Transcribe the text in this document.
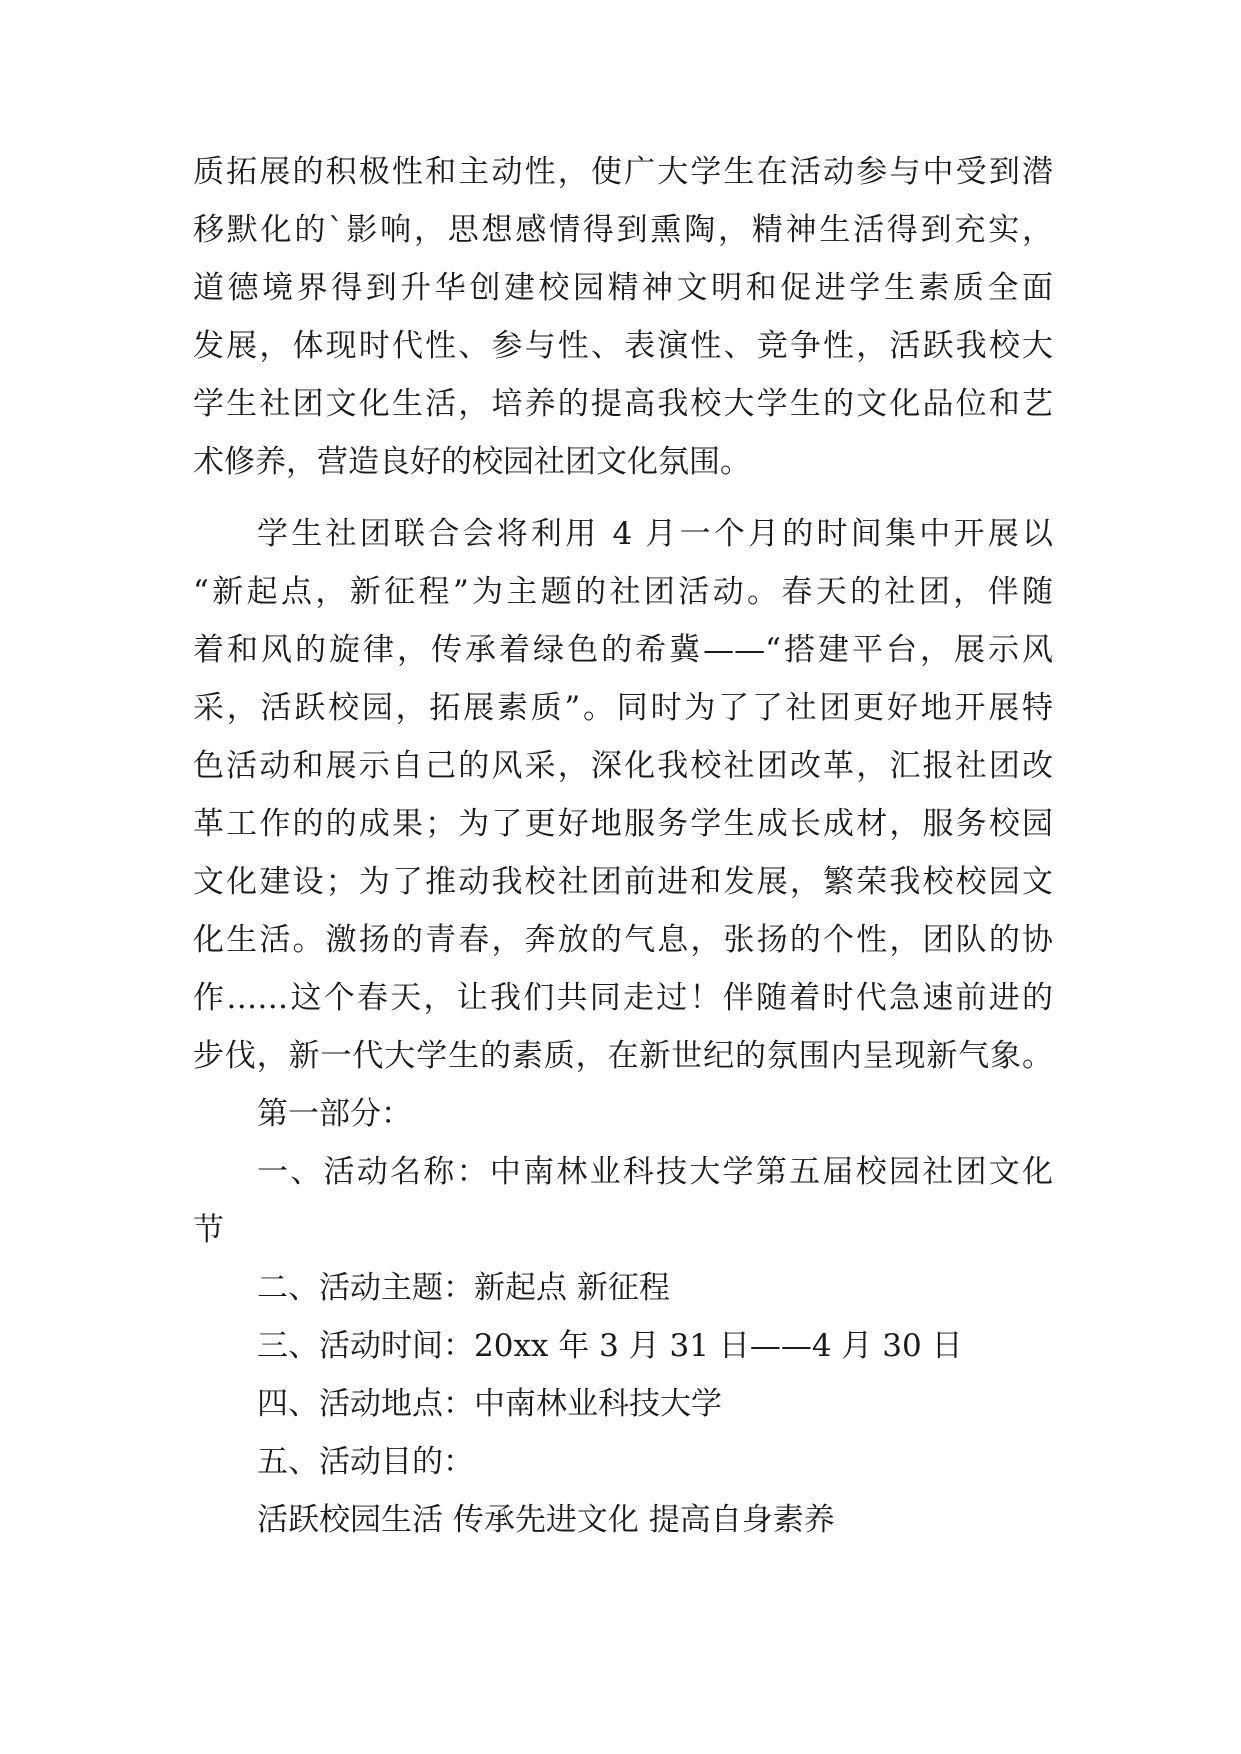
质拓展的积极性和主动性，使广大学生在活动参与中受到潜
移默化的`影响，思想感情得到熏陶，精神生活得到充实，
道德境界得到升华创建校园精神文明和促进学生素质全面
发展，体现时代性、参与性、表演性、竞争性，活跃我校大
学生社团文化生活，培养的提高我校大学生的文化品位和艺
术修养，营造良好的校园社团文化氛围。
学生社团联合会将利用 4 月一个月的时间集中开展以
“新起点，新征程”为主题的社团活动。春天的社团，伴随
着和风的旋律，传承着绿色的希冀——“搭建平台，展示风
采，活跃校园，拓展素质”。同时为了了社团更好地开展特
色活动和展示自己的风采，深化我校社团改革，汇报社团改
革工作的的成果；为了更好地服务学生成长成材，服务校园
文化建设；为了推动我校社团前进和发展，繁荣我校校园文
化生活。激扬的青春，奔放的气息，张扬的个性，团队的协
作……这个春天，让我们共同走过！伴随着时代急速前进的
步伐，新一代大学生的素质，在新世纪的氛围内呈现新气象。
第一部分：
一、活动名称：中南林业科技大学第五届校园社团文化
节
二、活动主题：新起点 新征程
三、活动时间：20xx 年 3 月 31 日——4 月 30 日
四、活动地点：中南林业科技大学
五、活动目的：
活跃校园生活 传承先进文化 提高自身素养
